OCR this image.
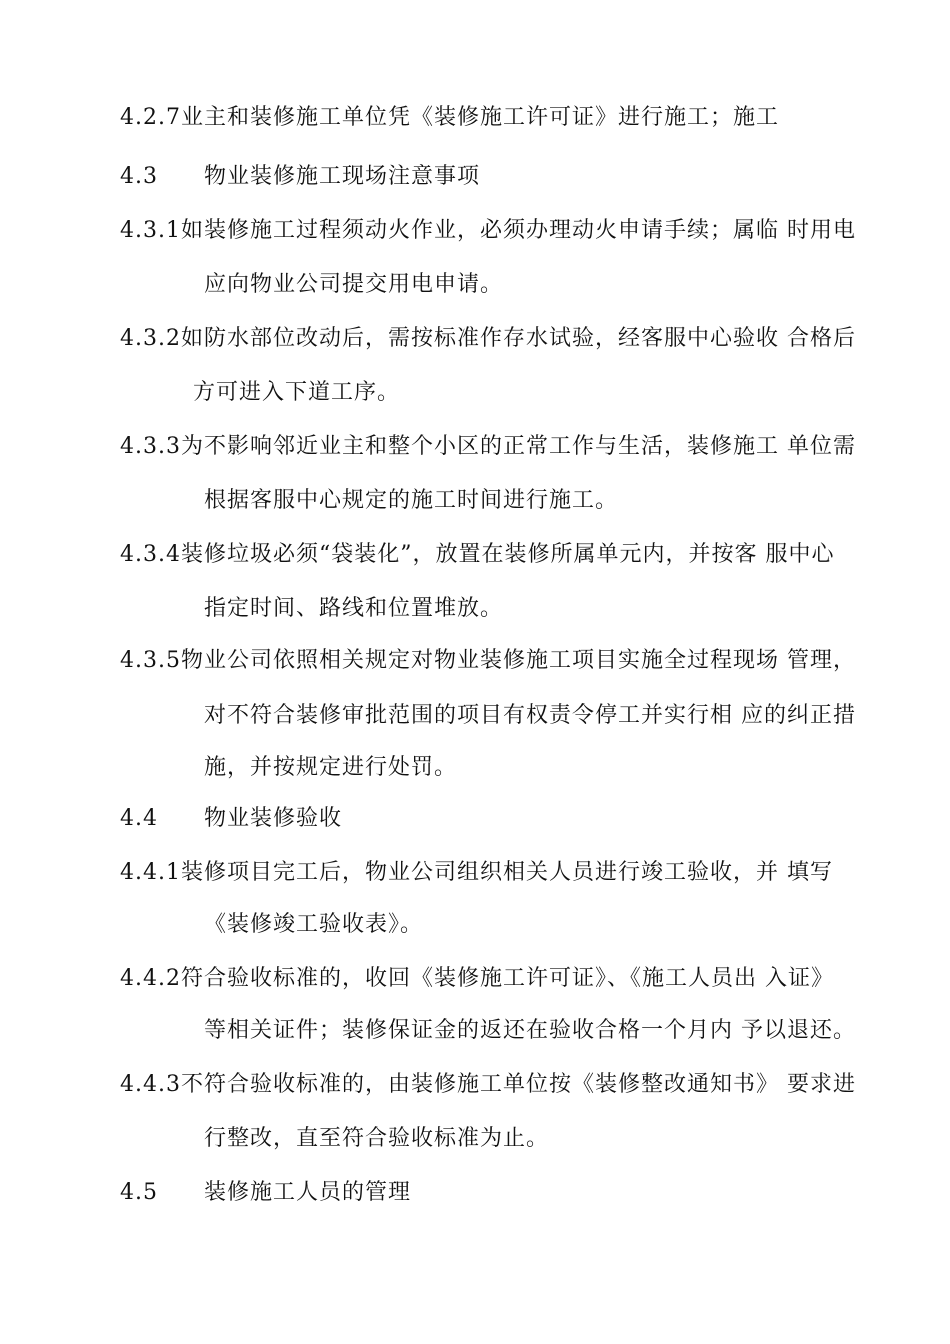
4.2.7业主和装修施工单位凭《装修施工许可证》进行施工；施工
4.3 物业装修施工现场注意事项
4.3.1如装修施工过程须动火作业，必须办理动火申请手续；属临 时用电
应向物业公司提交用电申请。
4.3.2如防水部位改动后，需按标准作存水试验，经客服中心验收 合格后
方可进入下道工序。
4.3.3为不影响邻近业主和整个小区的正常工作与生活，装修施工 单位需
根据客服中心规定的施工时间进行施工。
4.3.4装修垃圾必须“袋装化”，放置在装修所属单元内，并按客 服中心
指定时间、路线和位置堆放。
4.3.5物业公司依照相关规定对物业装修施工项目实施全过程现场 管理，
对不符合装修审批范围的项目有权责令停工并实行相 应的纠正措
施，并按规定进行处罚。
4.4 物业装修验收
4.4.1装修项目完工后，物业公司组织相关人员进行竣工验收，并 填写
《装修竣工验收表》。
4.4.2符合验收标准的，收回《装修施工许可证》、《施工人员出 入证》
等相关证件；装修保证金的返还在验收合格一个月内 予以退还。
4.4.3不符合验收标准的，由装修施工单位按《装修整改通知书》 要求进
行整改，直至符合验收标准为止。
4.5 装修施工人员的管理
